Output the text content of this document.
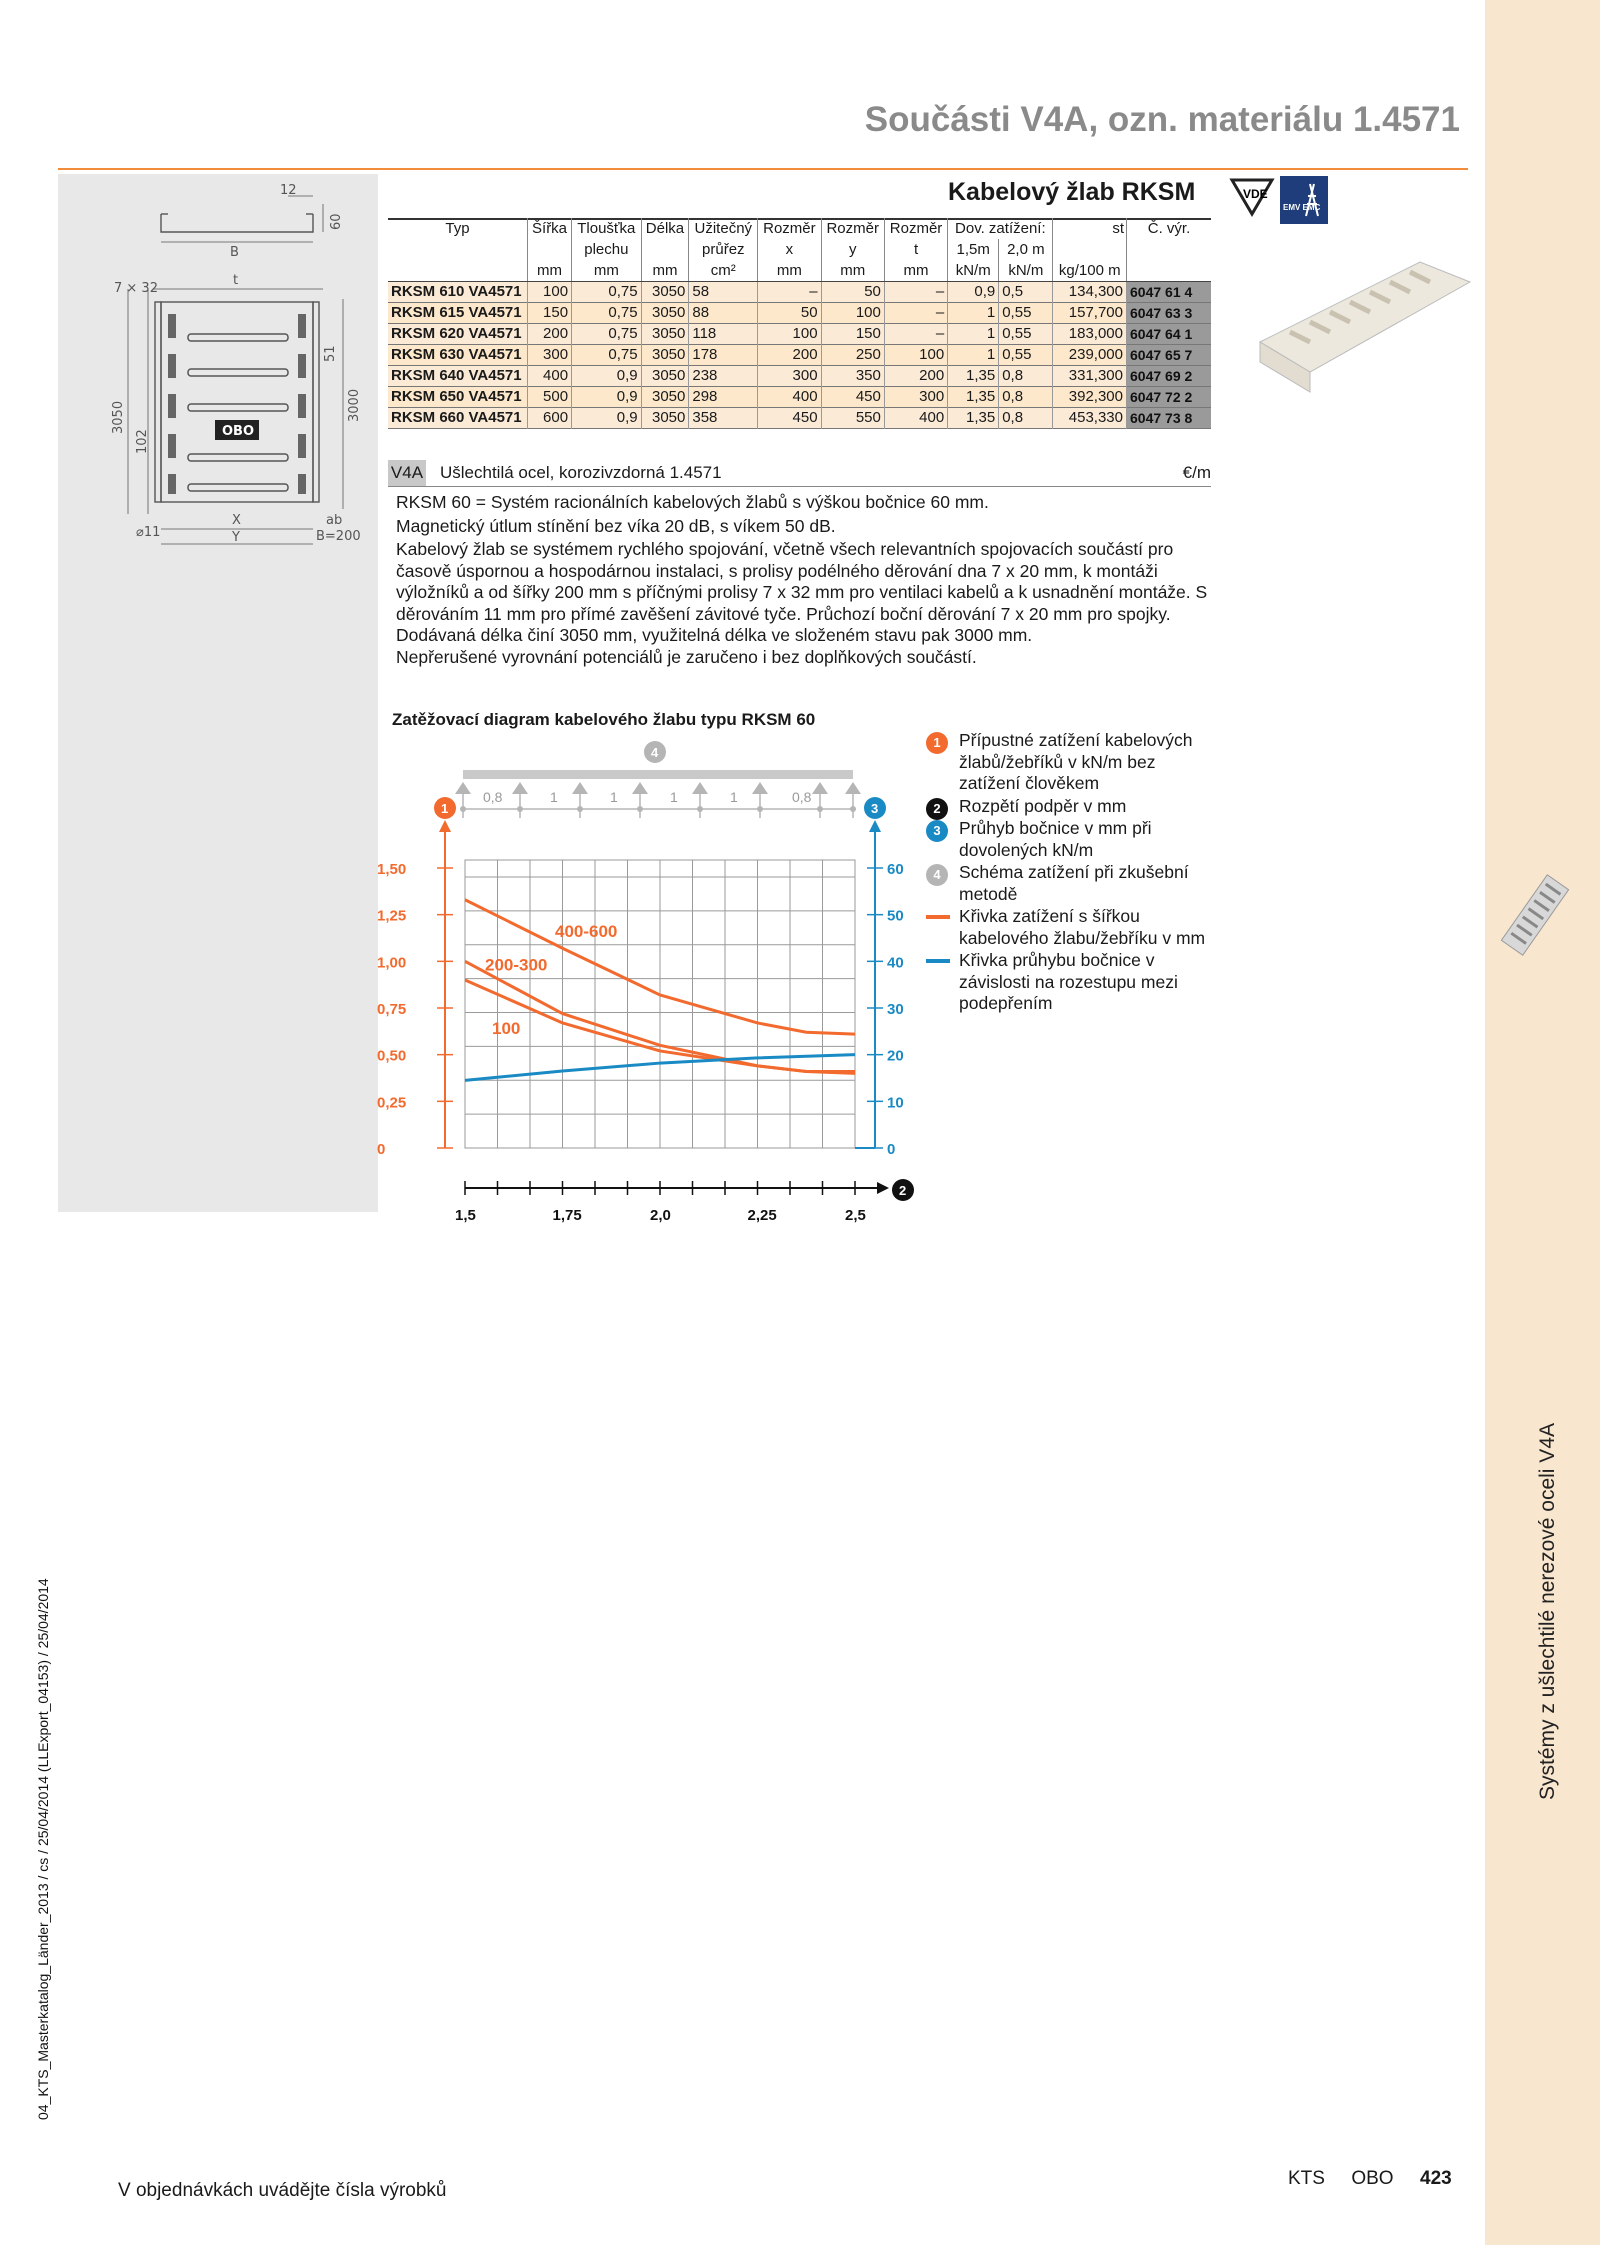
Systémy z ušlechtilé nerezové oceli V4A
04_KTS_Masterkatalog_Länder_2013 / cs / 25/04/2014 (LLExport_04153) / 25/04/2014
Součásti V4A, ozn. materiálu 1.4571
12
60
B
t
7 × 32
51
3000
3050
102
X
Y
⌀11
ab
B=200
OBO
Kabelový žlab RKSM	VDE
EMV EMC
Typ	Šířka	Tloušťka	Délka	Užitečný	Rozměr	Rozměr	Rozměr	Dov. zatížení:		st	Č. výr.
		plechu		průřez	x	y	t	1,5m	2,0 m		
	mm	mm	mm	cm²	mm	mm	mm	kN/m	kN/m	kg/100 m	
RKSM 610 VA4571	100	0,75	3050	58	–	50	–	0,9	0,5	134,300	6047 61 4
RKSM 615 VA4571	150	0,75	3050	88	50	100	–	1	0,55	157,700	6047 63 3
RKSM 620 VA4571	200	0,75	3050	118	100	150	–	1	0,55	183,000	6047 64 1
RKSM 630 VA4571	300	0,75	3050	178	200	250	100	1	0,55	239,000	6047 65 7
RKSM 640 VA4571	400	0,9	3050	238	300	350	200	1,35	0,8	331,300	6047 69 2
RKSM 650 VA4571	500	0,9	3050	298	400	450	300	1,35	0,8	392,300	6047 72 2
RKSM 660 VA4571	600	0,9	3050	358	450	550	400	1,35	0,8	453,330	6047 73 8
V4A Ušlechtilá ocel, korozivzdorná 1.4571	€/m

RKSM 60 = Systém racionálních kabelových žlabů s výškou bočnice 60 mm.

Magnetický útlum stínění bez víka 20 dB, s víkem 50 dB.

Kabelový žlab se systémem rychlého spojování, včetně všech relevantních spojovacích součástí pro časově úspornou a hospodárnou instalaci, s prolisy podélného děrování dna 7 x 20 mm, k montáži výložníků a od šířky 200 mm s příčnými prolisy 7 x 32 mm pro ventilaci kabelů a k usnadnění montáže. S děrováním 11 mm pro přímé zavěšení závitové tyče. Průchozí boční děrování 7 x 20 mm pro spojky.

Dodávaná délka činí 3050 mm, využitelná délka ve složeném stavu pak 3000 mm.

Nepřerušené vyrovnání potenciálů je zaručeno i bez doplňkových součástí.

Zatěžovací diagram kabelového žlabu typu RKSM 60
0
0,25
0,50
0,75
1,00
1,25
1,50
0
10
20
30
40
50
60
1,5	1,75	2,0	2,25	2,5
400-600
200-300
100
1	3
2
4
0,8	1	1	1	1	0,8
1	Přípustné zatížení kabelových žlabů/žebříků v kN/m bez zatížení člověkem
2	Rozpětí podpěr v mm
3	Průhyb bočnice v mm při dovolených kN/m
4	Schéma zatížení při zkušební metodě
Křivka zatížení s šířkou kabelového žlabu/žebříku v mm
Křivka průhybu bočnice v závislosti na rozestupu mezi podepřením
V objednávkách uvádějte čísla výrobků
KTS OBO 423
